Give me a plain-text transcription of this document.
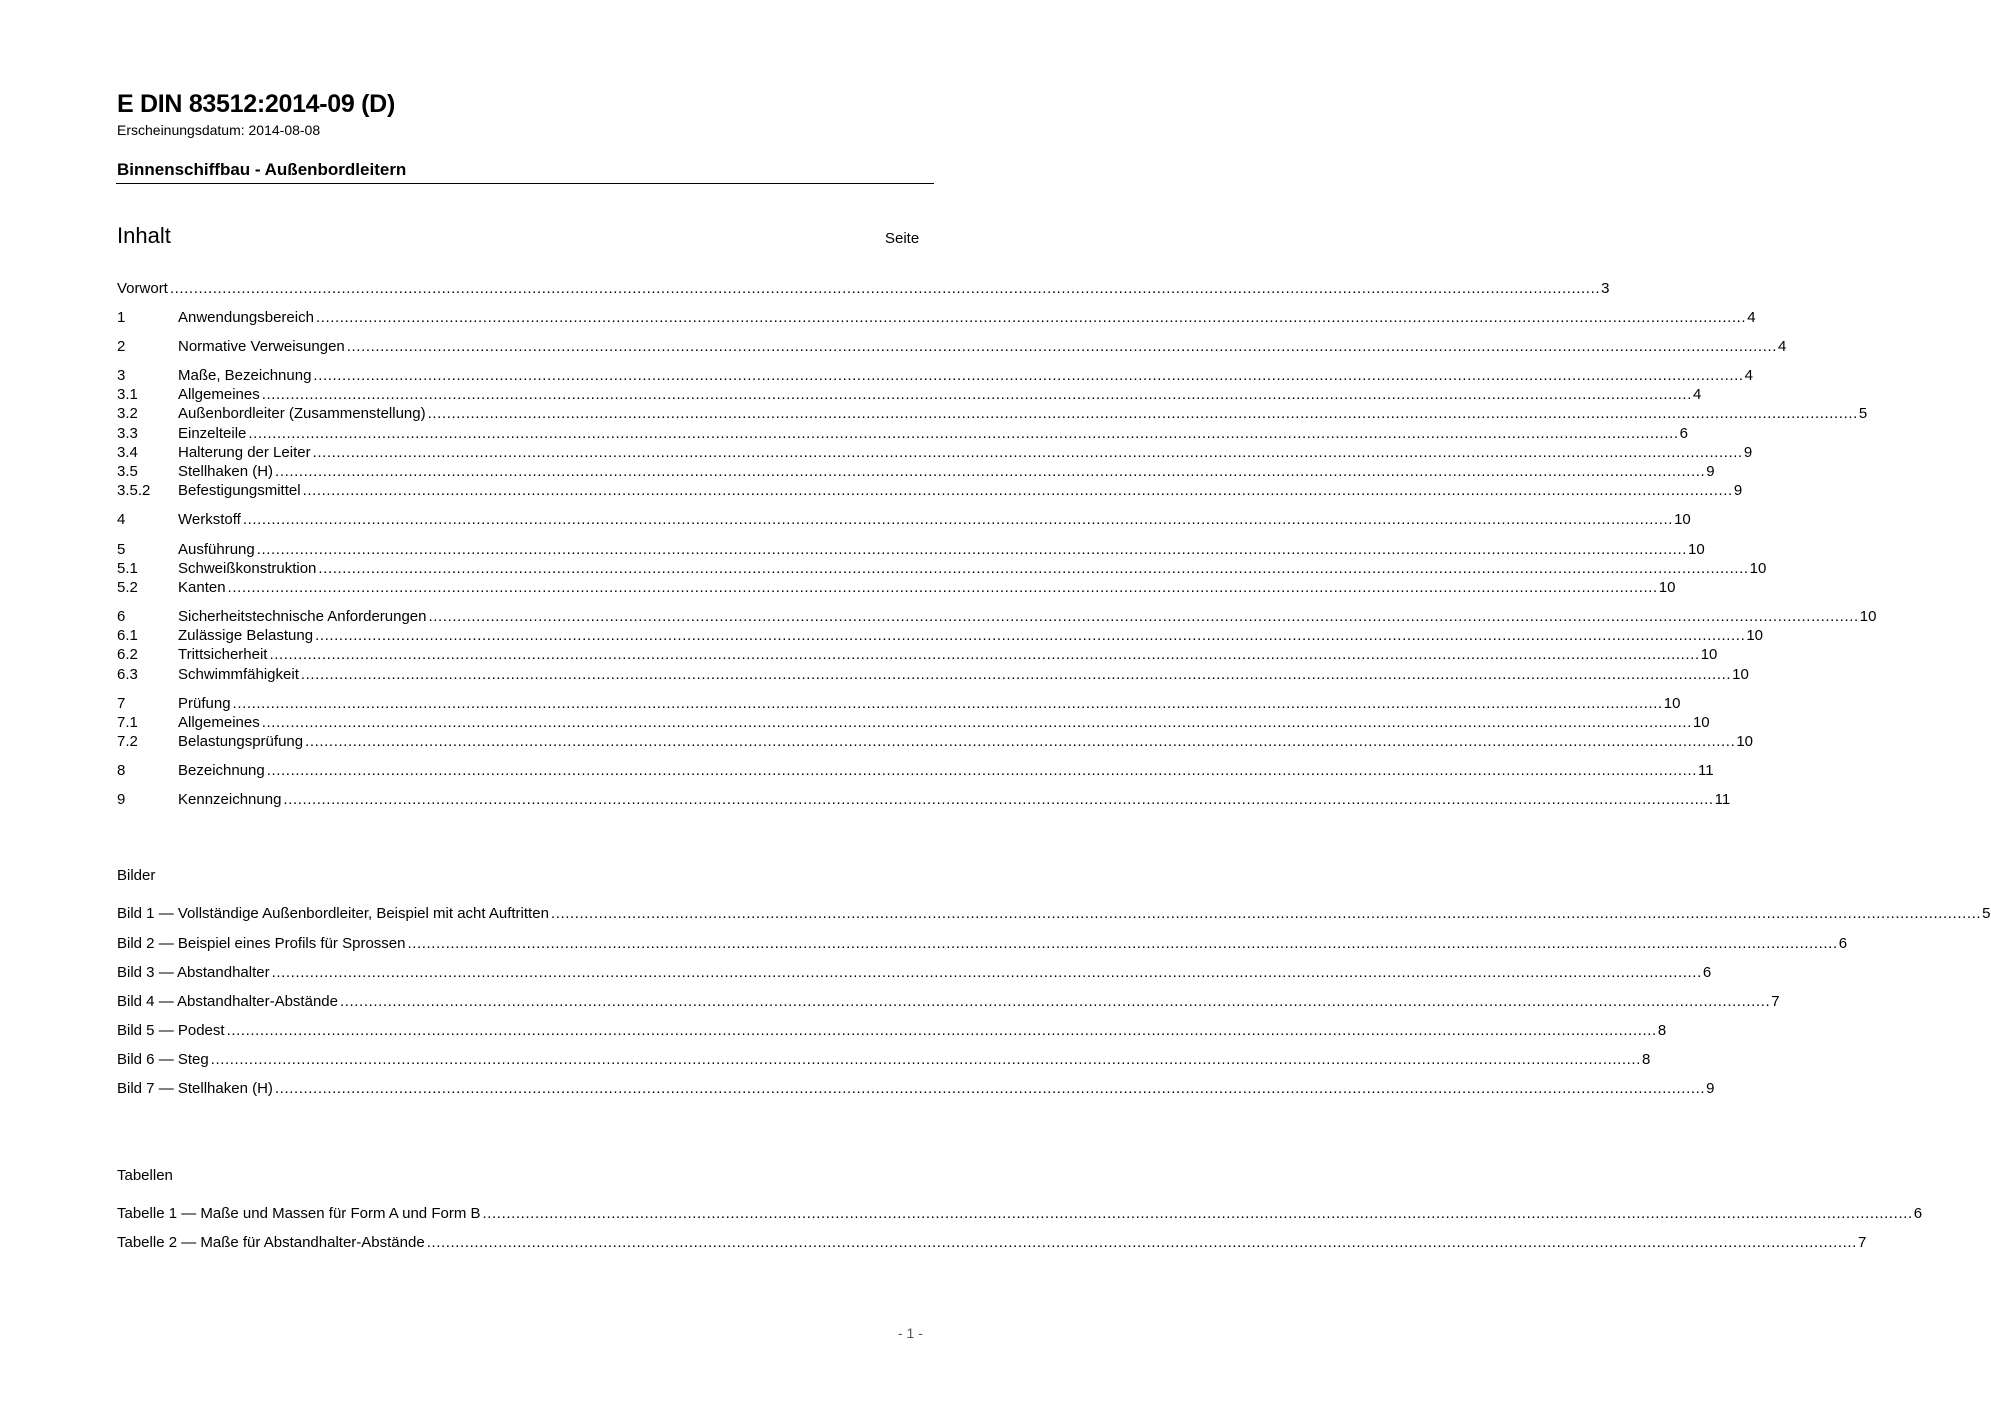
E DIN 83512:2014-09 (D)
Erscheinungsdatum: 2014-08-08
Binnenschiffbau - Außenbordleitern
Inhalt	Seite
Vorwort ............................................................................................................................................................................................................................................................................................................ 3
1	Anwendungsbereich ............................................................................................................................................................................................................................................................................................................ 4
2	Normative Verweisungen ............................................................................................................................................................................................................................................................................................................ 4
3	Maße, Bezeichnung ............................................................................................................................................................................................................................................................................................................ 4
3.1	Allgemeines ............................................................................................................................................................................................................................................................................................................ 4
3.2	Außenbordleiter (Zusammenstellung) ............................................................................................................................................................................................................................................................................................................ 5
3.3	Einzelteile ............................................................................................................................................................................................................................................................................................................ 6
3.4	Halterung der Leiter ............................................................................................................................................................................................................................................................................................................ 9
3.5	Stellhaken (H) ............................................................................................................................................................................................................................................................................................................ 9
3.5.2 Befestigungsmittel ............................................................................................................................................................................................................................................................................................................ 9
4	Werkstoff ............................................................................................................................................................................................................................................................................................................ 10
5	Ausführung ............................................................................................................................................................................................................................................................................................................ 10
5.1	Schweißkonstruktion ............................................................................................................................................................................................................................................................................................................ 10
5.2	Kanten ............................................................................................................................................................................................................................................................................................................ 10
6	Sicherheitstechnische Anforderungen ............................................................................................................................................................................................................................................................................................................ 10
6.1	Zulässige Belastung ............................................................................................................................................................................................................................................................................................................ 10
6.2	Trittsicherheit ............................................................................................................................................................................................................................................................................................................ 10
6.3	Schwimmfähigkeit ............................................................................................................................................................................................................................................................................................................ 10
7	Prüfung ............................................................................................................................................................................................................................................................................................................ 10
7.1	Allgemeines ............................................................................................................................................................................................................................................................................................................ 10
7.2	Belastungsprüfung ............................................................................................................................................................................................................................................................................................................ 10
8	Bezeichnung ............................................................................................................................................................................................................................................................................................................ 11
9	Kennzeichnung ............................................................................................................................................................................................................................................................................................................ 11
Bilder
Bild 1 — Vollständige Außenbordleiter, Beispiel mit acht Auftritten ............................................................................................................................................................................................................................................................................................................ 5
Bild 2 — Beispiel eines Profils für Sprossen ............................................................................................................................................................................................................................................................................................................ 6
Bild 3 — Abstandhalter ............................................................................................................................................................................................................................................................................................................ 6
Bild 4 — Abstandhalter-Abstände ............................................................................................................................................................................................................................................................................................................ 7
Bild 5 — Podest ............................................................................................................................................................................................................................................................................................................ 8
Bild 6 — Steg ............................................................................................................................................................................................................................................................................................................ 8
Bild 7 — Stellhaken (H) ............................................................................................................................................................................................................................................................................................................ 9
Tabellen
Tabelle 1 — Maße und Massen für Form A und Form B ............................................................................................................................................................................................................................................................................................................ 6
Tabelle 2 — Maße für Abstandhalter-Abstände ............................................................................................................................................................................................................................................................................................................ 7
- 1 -
